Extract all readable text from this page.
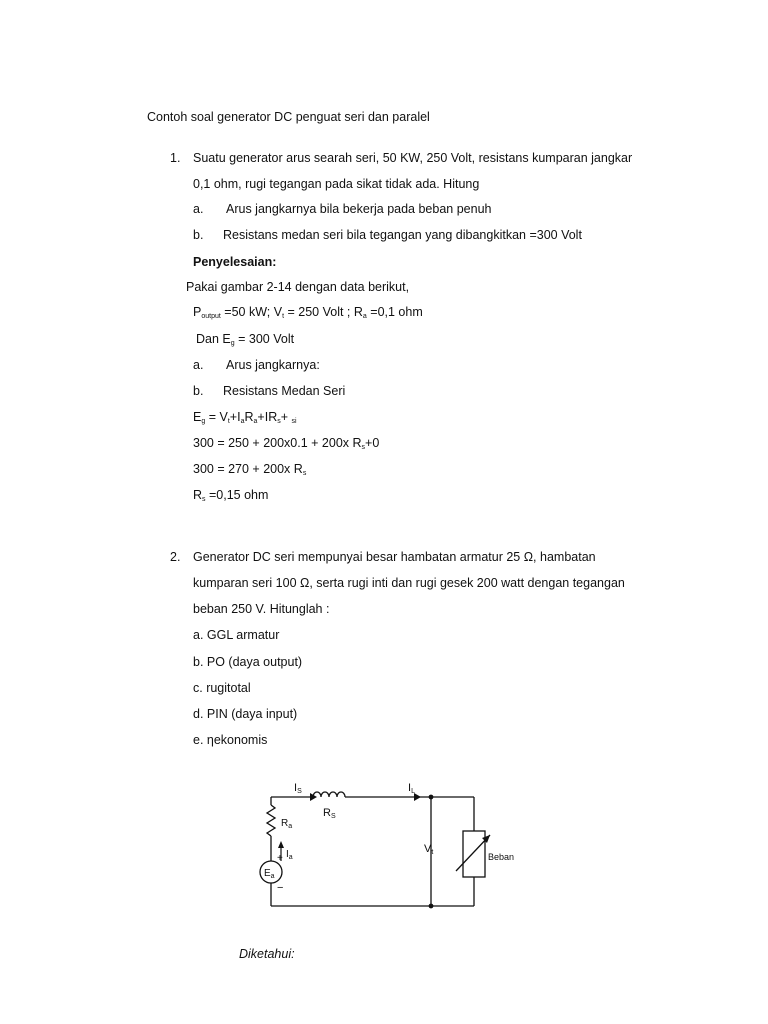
Contoh soal generator DC penguat seri dan paralel
1. Suatu generator arus searah seri, 50 KW, 250 Volt, resistans kumparan jangkar
0,1 ohm, rugi tegangan pada sikat tidak ada. Hitung
a. Arus jangkarnya bila bekerja pada beban penuh
b. Resistans medan seri bila tegangan yang dibangkitkan =300 Volt
Penyelesaian:
Pakai gambar 2-14 dengan data berikut,
$P_{output} =50$ kW; $V_t = 250$ Volt ; $R_a =0,1$ ohm
Dan $E_g = 300$ Volt
a. Arus jangkarnya:
b. Resistans Medan Seri
$E_g = V_t+I_aR_a+IR_s+ _{si}$
300 = 250 + 200x0.1 + 200x $R_s+0$
300 = 270 + 200x $R_s$
$R_s =0,15$ ohm
2. Generator DC seri mempunyai besar hambatan armatur 25 Ω, hambatan
kumparan seri 100 Ω, serta rugi inti dan rugi gesek 200 watt dengan tegangan
beban 250 V. Hitunglah :
a. GGL armatur
b. PO (daya output)
c. rugitotal
d. PIN (daya input)
e. ηekonomis
IS	IL
RS
$R_a$
$I_a$
Vt
$E_a$
+
−
Beban
Diketahui:
